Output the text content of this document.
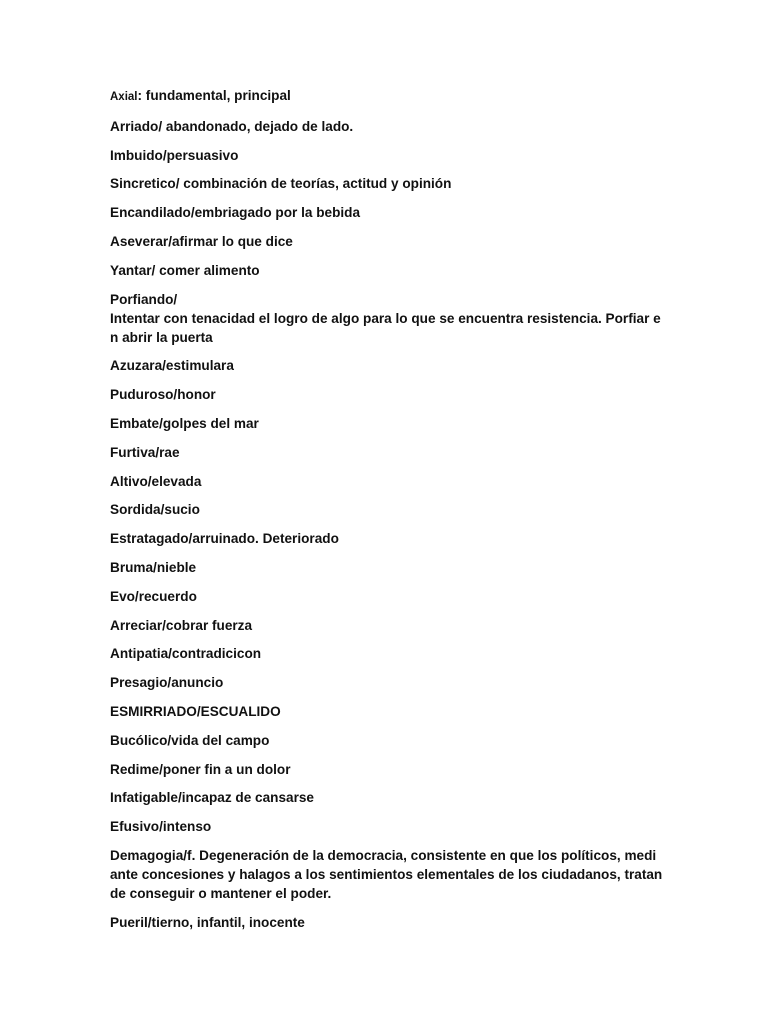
Axial: fundamental, principal
Arriado/ abandonado, dejado de lado.
Imbuido/persuasivo
Sincretico/ combinación de teorías, actitud y opinión
Encandilado/embriagado por la bebida
Aseverar/afirmar lo que dice
Yantar/ comer alimento
Porfiando/
Intentar con tenacidad el logro de algo para lo que se encuentra resistencia. Porfiar e
n abrir la puerta
Azuzara/estimulara
Puduroso/honor
Embate/golpes del mar
Furtiva/rae
Altivo/elevada
Sordida/sucio
Estratagado/arruinado. Deteriorado
Bruma/nieble
Evo/recuerdo
Arreciar/cobrar fuerza
Antipatia/contradicicon
Presagio/anuncio
ESMIRRIADO/ESCUALIDO
Bucólico/vida del campo
Redime/poner fin a un dolor
Infatigable/incapaz de cansarse
Efusivo/intenso
Demagogia/f. Degeneración de la democracia, consistente en que los políticos, medi
ante concesiones y halagos a los sentimientos elementales de los ciudadanos, tratan
de conseguir o mantener el poder.
Pueril/tierno, infantil, inocente
